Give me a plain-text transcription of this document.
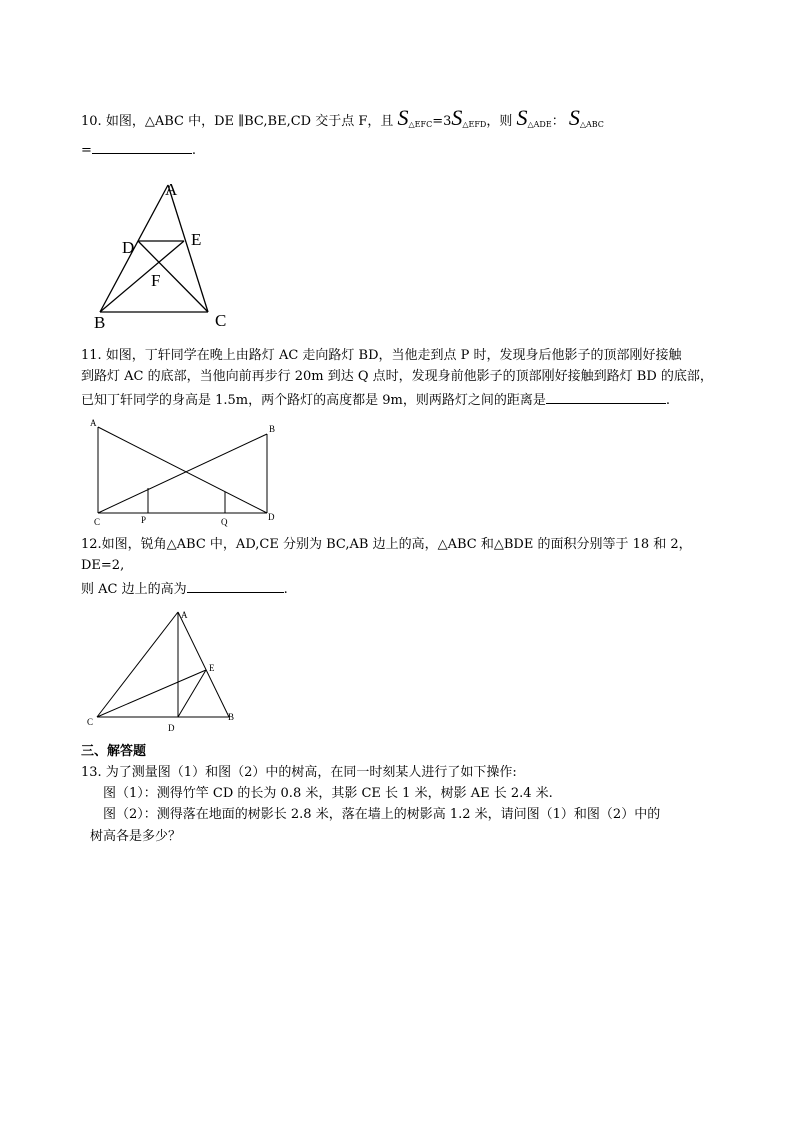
10. 如图，△ABC 中，DE ∥BC,BE,CD 交于点 F，且 $S_{\triangle EFC}=3S_{\triangle EFD}$，则 $S_{\triangle ADE}$： $S_{\triangle ABC}$
=	.
A
D	E
F
B	C
11. 如图，丁轩同学在晚上由路灯 AC 走向路灯 BD，当他走到点 P 时，发现身后他影子的顶部刚好接触
到路灯 AC 的底部，当他向前再步行 20m 到达 Q 点时，发现身前他影子的顶部刚好接触到路灯 BD 的底部，
已知丁轩同学的身高是 1.5m，两个路灯的高度都是 9m，则两路灯之间的距离是	.
A
B
C	P	Q	D
12.如图，锐角△ABC 中，AD,CE 分别为 BC,AB 边上的高，△ABC 和△BDE 的面积分别等于 18 和 2，
DE=2,
则 AC 边上的高为	.
A
E
C
D
B
三、解答题
13. 为了测量图（1）和图（2）中的树高，在同一时刻某人进行了如下操作:
图（1）：测得竹竿 CD 的长为 0.8 米，其影 CE 长 1 米，树影 AE 长 2.4 米.
图（2）：测得落在地面的树影长 2.8 米，落在墙上的树影高 1.2 米，请问图（1）和图（2）中的
树高各是多少？
